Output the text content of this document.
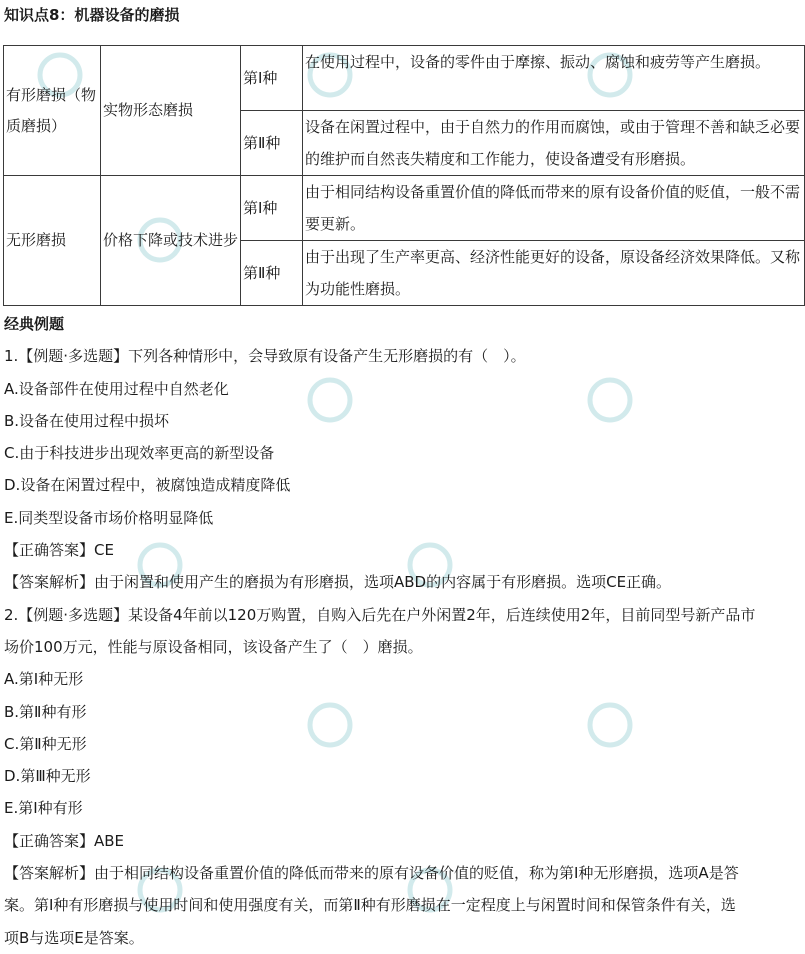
知识点8：机器设备的磨损
有形磨损（物质磨损）	实物形态磨损	第Ⅰ种	在使用过程中，设备的零件由于摩擦、振动、腐蚀和疲劳等产生磨损。
		第Ⅱ种	设备在闲置过程中，由于自然力的作用而腐蚀，或由于管理不善和缺乏必要的维护而自然丧失精度和工作能力，使设备遭受有形磨损。
无形磨损	价格下降或技术进步	第Ⅰ种	由于相同结构设备重置价值的降低而带来的原有设备价值的贬值，一般不需要更新。
		第Ⅱ种	由于出现了生产率更高、经济性能更好的设备，原设备经济效果降低。又称为功能性磨损。
经典例题
1.【例题·多选题】下列各种情形中，会导致原有设备产生无形磨损的有（　）。
A.设备部件在使用过程中自然老化
B.设备在使用过程中损坏
C.由于科技进步出现效率更高的新型设备
D.设备在闲置过程中，被腐蚀造成精度降低
E.同类型设备市场价格明显降低
【正确答案】CE
【答案解析】由于闲置和使用产生的磨损为有形磨损，选项ABD的内容属于有形磨损。选项CE正确。
2.【例题·多选题】某设备4年前以120万购置，自购入后先在户外闲置2年，后连续使用2年，目前同型号新产品市
场价100万元，性能与原设备相同，该设备产生了（　）磨损。
A.第Ⅰ种无形
B.第Ⅱ种有形
C.第Ⅱ种无形
D.第Ⅲ种无形
E.第Ⅰ种有形
【正确答案】ABE
【答案解析】由于相同结构设备重置价值的降低而带来的原有设备价值的贬值，称为第Ⅰ种无形磨损，选项A是答
案。第Ⅰ种有形磨损与使用时间和使用强度有关，而第Ⅱ种有形磨损在一定程度上与闲置时间和保管条件有关，选
项B与选项E是答案。
